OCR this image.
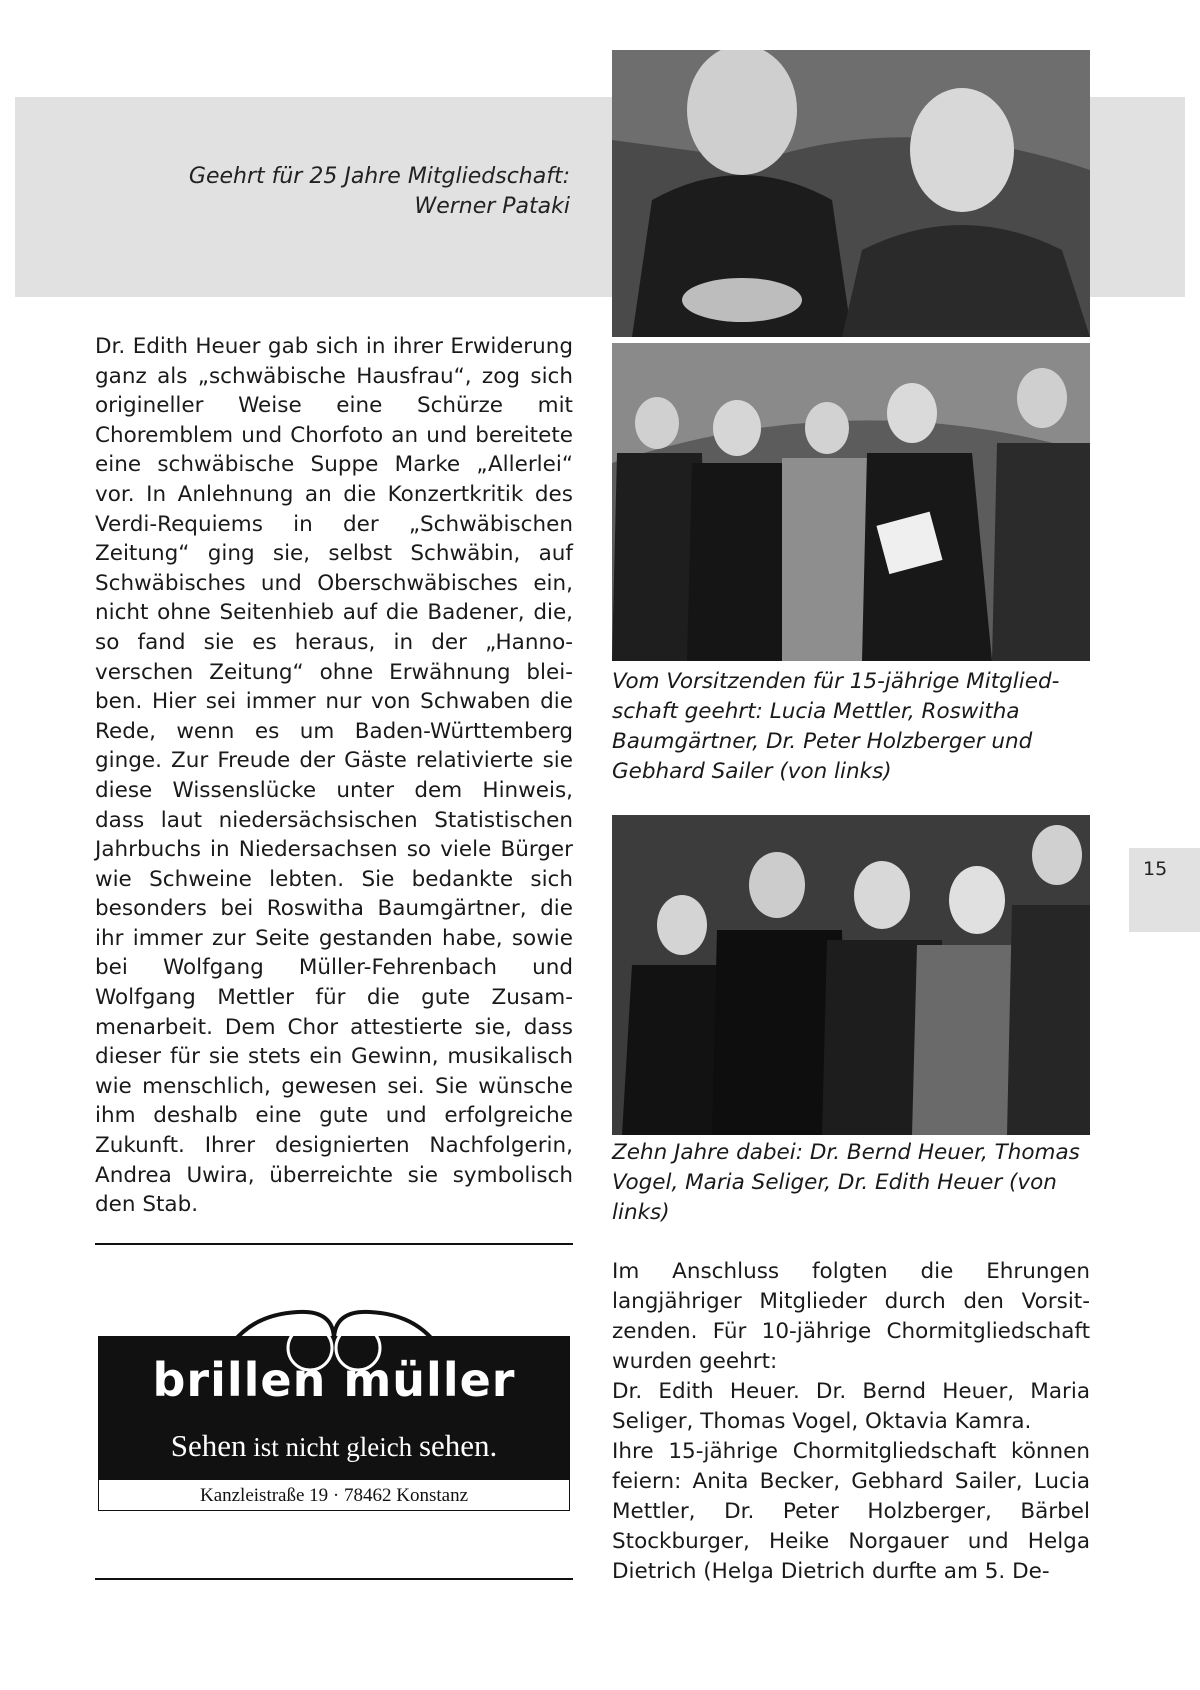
Geehrt für 25 Jahre Mitgliedschaft:
Werner Pataki
Vom Vorsitzenden für 15-jährige Mitgliedschaft geehrt: Lucia Mettler, Roswitha Baumgärtner, Dr. Peter Holzberger und Gebhard Sailer (von links)
Zehn Jahre dabei: Dr. Bernd Heuer, Thomas Vogel, Maria Seliger, Dr. Edith Heuer (von links)

Dr. Edith Heuer gab sich in ihrer Erwiderung ganz als „schwäbische Hausfrau“, zog sich origineller Weise eine Schürze mit Choremblem und Chorfoto an und bereitete eine schwäbische Suppe Marke „Allerlei“ vor. In Anlehnung an die Konzertkritik des Verdi-Requiems in der „Schwäbischen Zeitung“ ging sie, selbst Schwäbin, auf Schwäbisches und Oberschwäbisches ein, nicht ohne Seitenhieb auf die Badener, die, so fand sie es heraus, in der „Hannoverschen Zeitung“ ohne Erwähnung bleiben. Hier sei immer nur von Schwaben die Rede, wenn es um Baden-Württemberg ginge. Zur Freude der Gäste relativierte sie diese Wissenslücke unter dem Hinweis, dass laut niedersächsischen Statistischen Jahrbuchs in Niedersachsen so viele Bürger wie Schweine lebten. Sie bedankte sich besonders bei Roswitha Baumgärtner, die ihr immer zur Seite gestanden habe, sowie bei Wolfgang Müller-Fehrenbach und Wolfgang Mettler für die gute Zusammenarbeit. Dem Chor attestierte sie, dass dieser für sie stets ein Gewinn, musikalisch wie menschlich, gewesen sei. Sie wünsche ihm deshalb eine gute und erfolgreiche Zukunft. Ihrer designierten Nachfolgerin, Andrea Uwira, überreichte sie symbolisch den Stab.

brillen müller
Sehen ist nicht gleich sehen.
Kanzleistraße 19 · 78462 Konstanz

Im Anschluss folgten die Ehrungen langjähriger Mitglieder durch den Vorsitzenden. Für 10-jährige Chormitgliedschaft wurden geehrt:

Dr. Edith Heuer. Dr. Bernd Heuer, Maria Seliger, Thomas Vogel, Oktavia Kamra.

Ihre 15-jährige Chormitgliedschaft können feiern: Anita Becker, Gebhard Sailer, Lucia Mettler, Dr. Peter Holzberger, Bärbel Stockburger, Heike Norgauer und Helga Dietrich (Helga Dietrich durfte am 5. De-

15
